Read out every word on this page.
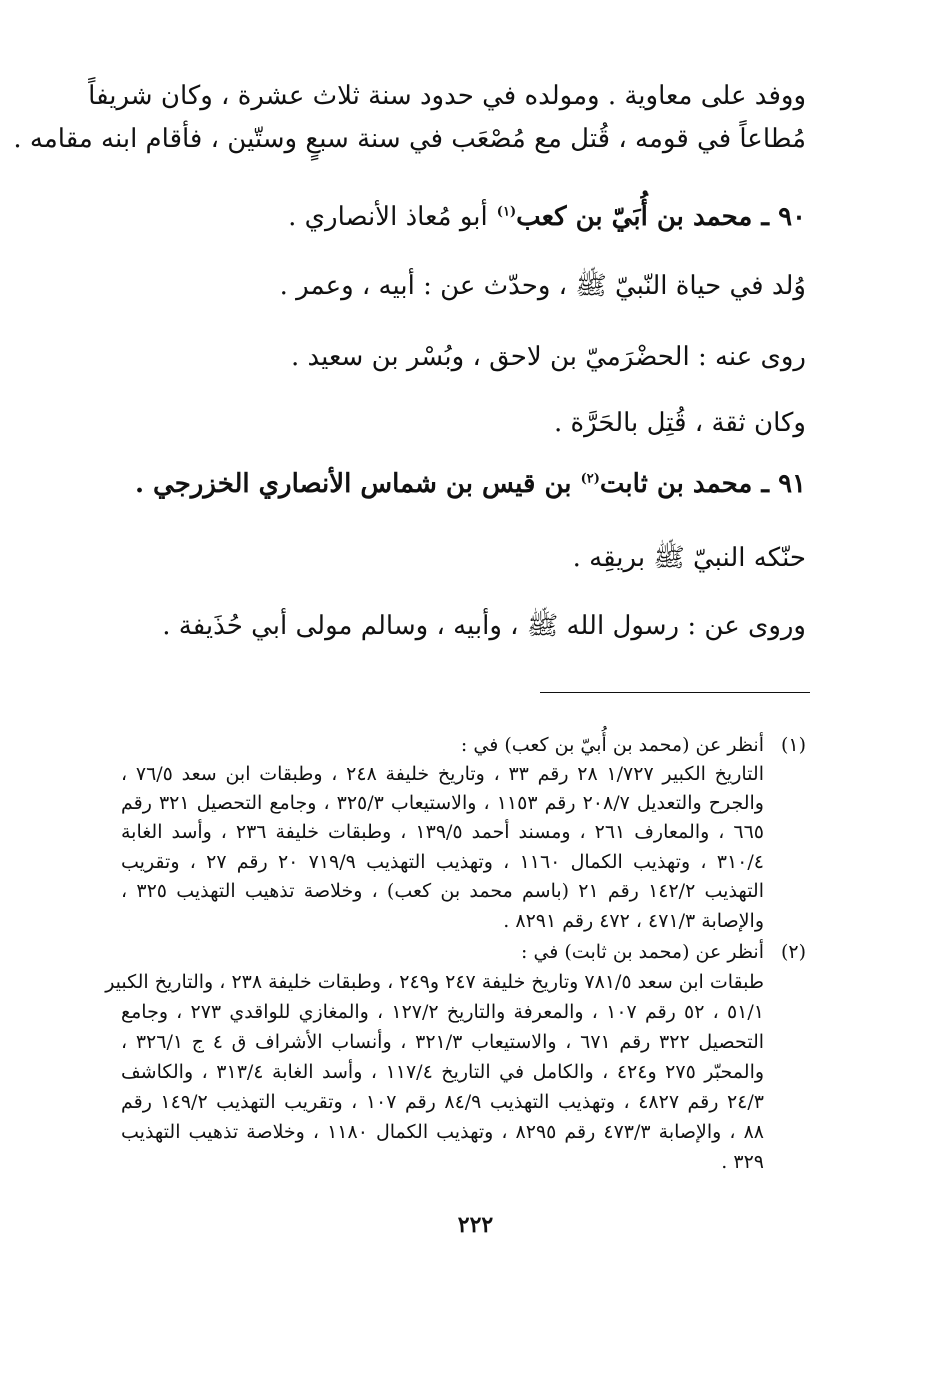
ووفد على معاوية . ومولده في حدود سنة ثلاث عشرة ، وكان شريفاً
مُطاعاً في قومه ، قُتل مع مُصْعَب في سنة سبعٍ وستّين ، فأقام ابنه مقامه .
٩٠ ـ محمد بن أُبَيّ بن كعب$^{(١)}$ أبو مُعاذ الأنصاري .
وُلد في حياة النّبيّ ﷺ ، وحدّث عن : أبيه ، وعمر .
روى عنه : الحضْرَميّ بن لاحق ، وبُسْر بن سعيد .
وكان ثقة ، قُتِل بالحَرَّة .
٩١ ـ محمد بن ثابت$^{(٢)}$ بن قيس بن شماس الأنصاري الخزرجي .
حنّكه النبيّ ﷺ بريقِه .
وروى عن : رسول الله ﷺ ، وأبيه ، وسالم مولى أبي حُذَيفة .
(١)
أنظر عن (محمد بن أُبيّ بن كعب) في :
التاريخ الكبير ١/٧٢٧ ٢٨ رقم ٣٣ ، وتاريخ خليفة ٢٤٨ ، وطبقات ابن سعد ٧٦/٥ ،
والجرح والتعديل ٢٠٨/٧ رقم ١١٥٣ ، والاستيعاب ٣٢٥/٣ ، وجامع التحصيل ٣٢١ رقم
٦٦٥ ، والمعارف ٢٦١ ، ومسند أحمد ١٣٩/٥ ، وطبقات خليفة ٢٣٦ ، وأسد الغابة
٣١٠/٤ ، وتهذيب الكمال ١١٦٠ ، وتهذيب التهذيب ٧١٩/٩ ٢٠ رقم ٢٧ ، وتقريب
التهذيب ١٤٢/٢ رقم ٢١ (باسم محمد بن كعب) ، وخلاصة تذهيب التهذيب ٣٢٥ ،
والإصابة ٤٧١/٣ ، ٤٧٢ رقم ٨٢٩١ .
(٢)
أنظر عن (محمد بن ثابت) في :
طبقات ابن سعد ٧٨١/٥ وتاريخ خليفة ٢٤٧ و٢٤٩ ، وطبقات خليفة ٢٣٨ ، والتاريخ الكبير
٥١/١ ، ٥٢ رقم ١٠٧ ، والمعرفة والتاريخ ١٢٧/٢ ، والمغازي للواقدي ٢٧٣ ، وجامع
التحصيل ٣٢٢ رقم ٦٧١ ، والاستيعاب ٣٢١/٣ ، وأنساب الأشراف ق ٤ ج ٣٢٦/١ ،
والمحبّر ٢٧٥ و٤٢٤ ، والكامل في التاريخ ١١٧/٤ ، وأسد الغابة ٣١٣/٤ ، والكاشف
٢٤/٣ رقم ٤٨٢٧ ، وتهذيب التهذيب ٨٤/٩ رقم ١٠٧ ، وتقريب التهذيب ١٤٩/٢ رقم
٨٨ ، والإصابة ٤٧٣/٣ رقم ٨٢٩٥ ، وتهذيب الكمال ١١٨٠ ، وخلاصة تذهيب التهذيب
٣٢٩ .
٢٢٢
